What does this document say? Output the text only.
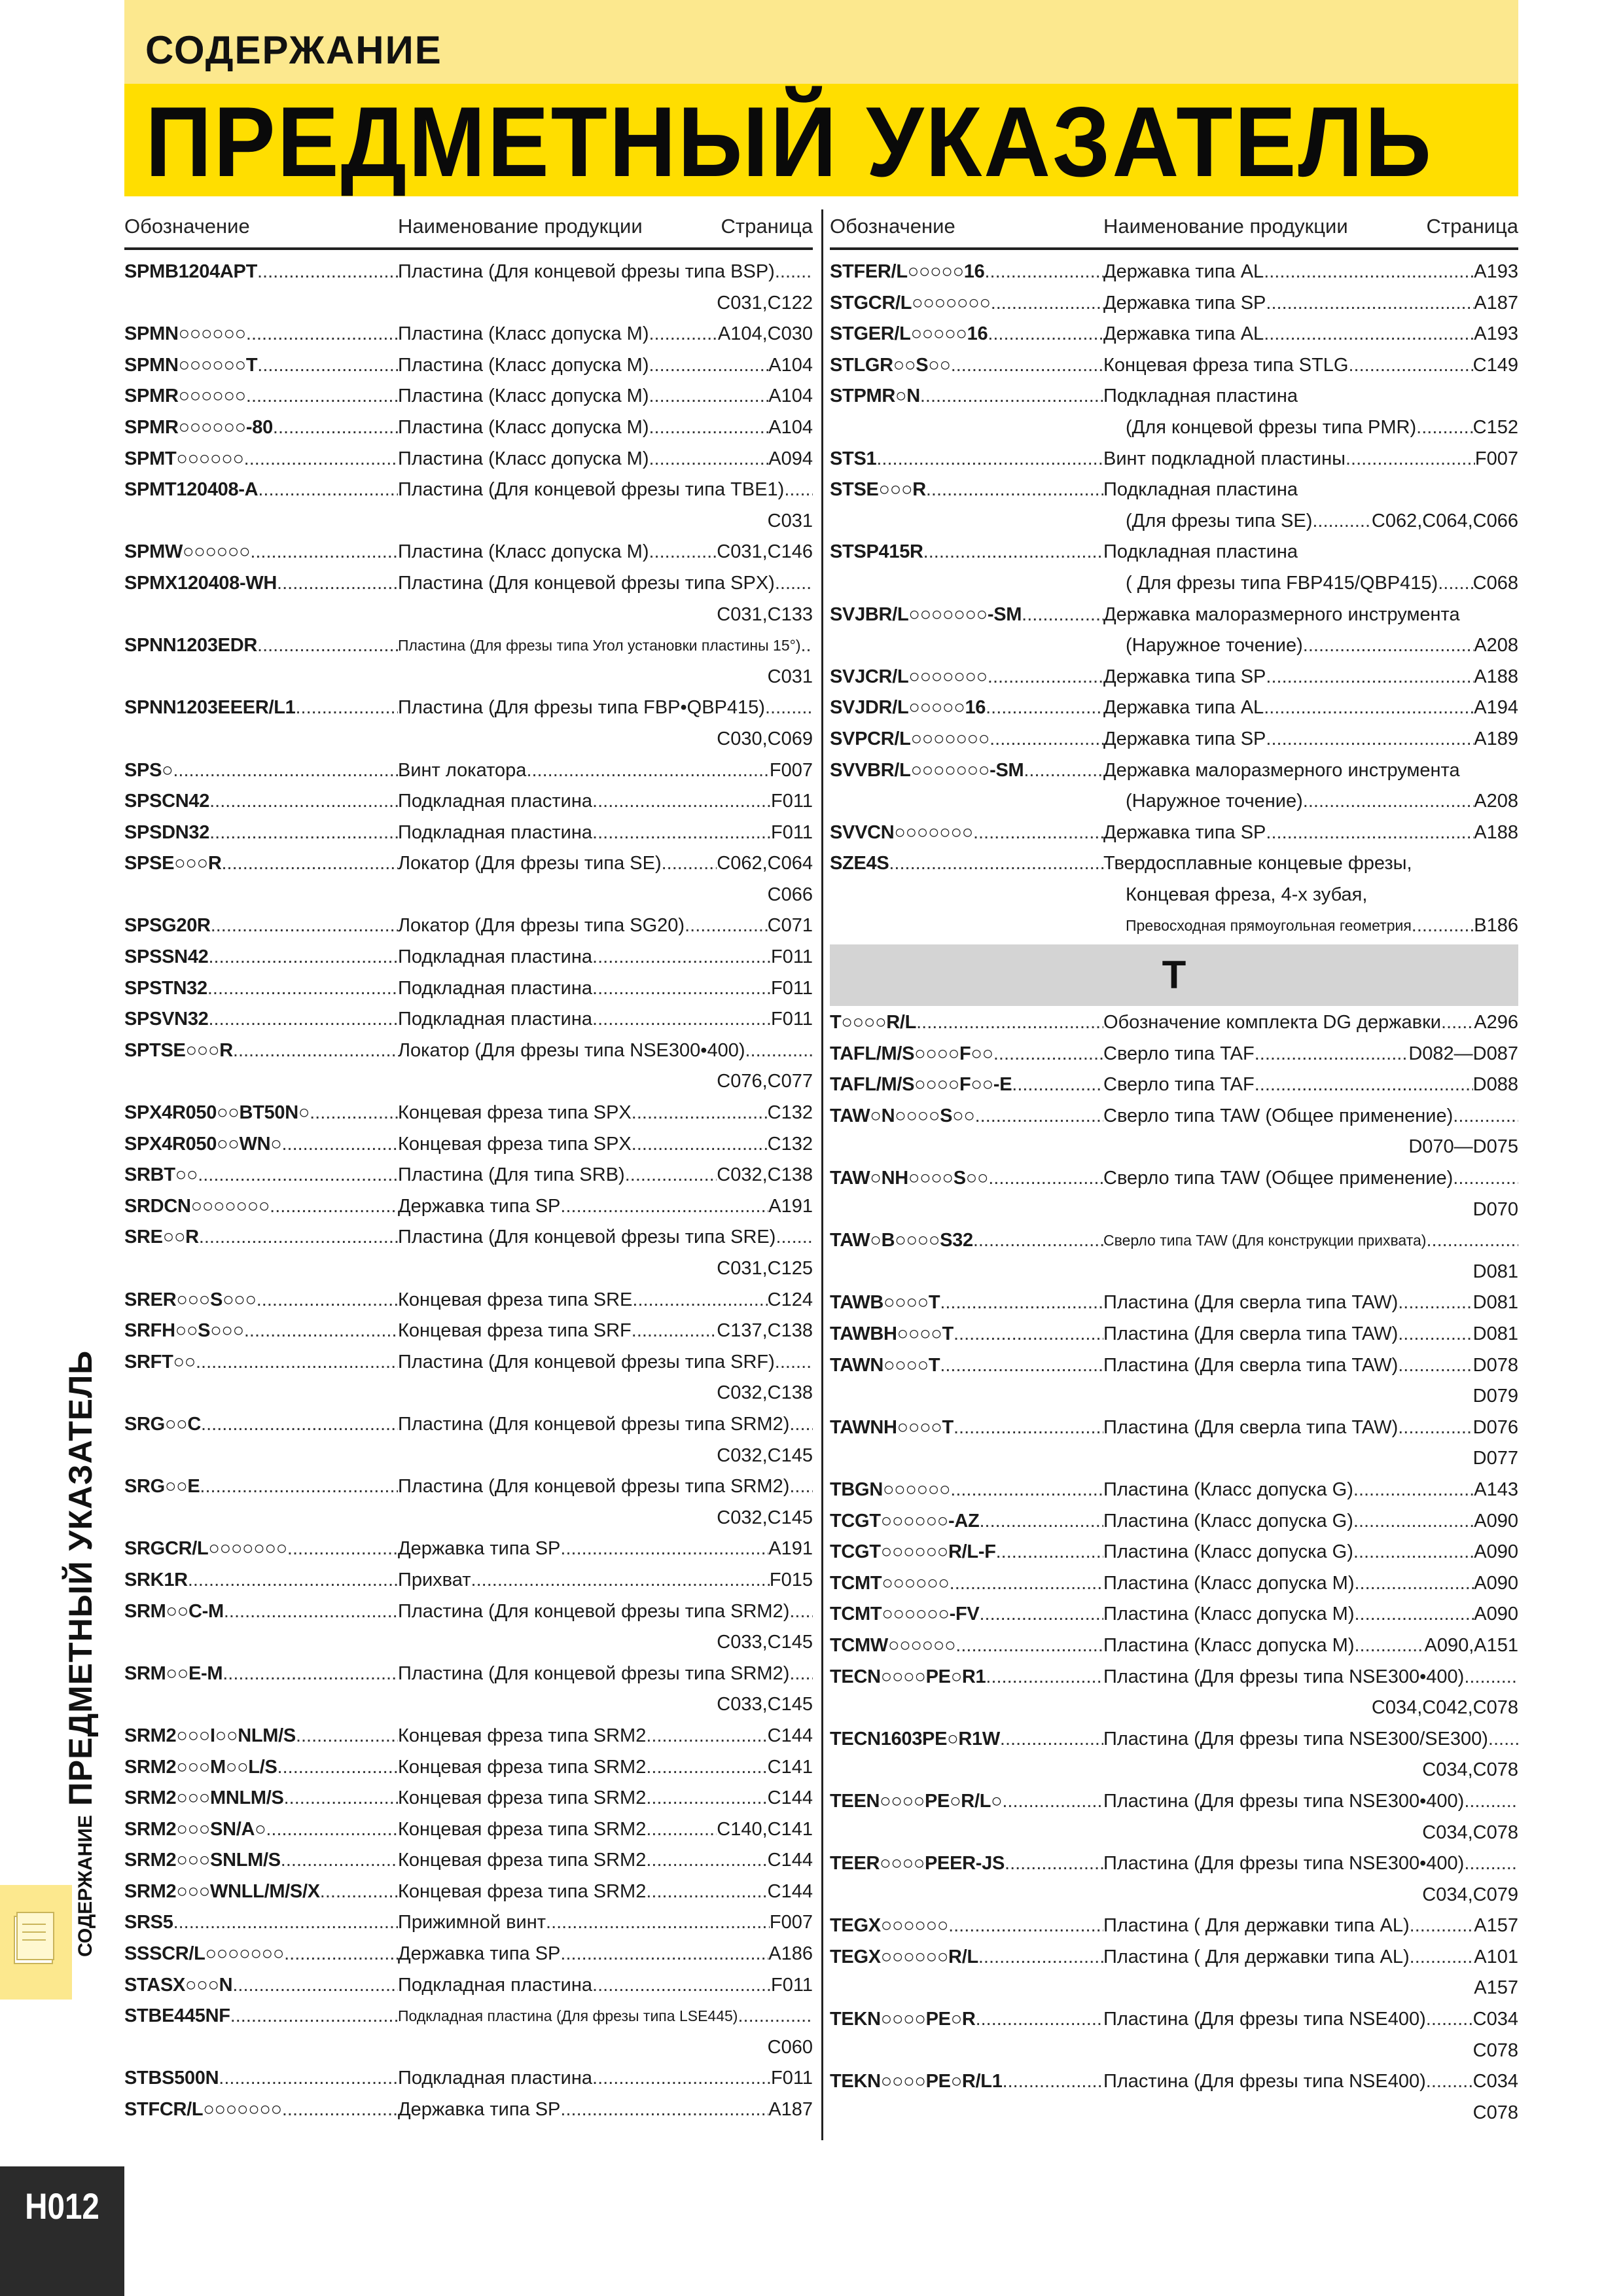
СОДЕРЖАНИЕ
ПРЕДМЕТНЫЙ УКАЗАТЕЛЬ
Обозначение	Наименование продукции	Страница
SPMB1204APT .....	Пластина (Для концевой фрезы типа BSP)
.....
C031,C122
SPMN○○○○○○ .....	Пластина (Класс допуска M) .....	A104,C030
SPMN○○○○○○T .....	Пластина (Класс допуска M) .....	A104
SPMR○○○○○○ .....	Пластина (Класс допуска M) .....	A104
SPMR○○○○○○-80 .....	Пластина (Класс допуска M) .....	A104
SPMT○○○○○○ .....	Пластина (Класс допуска M) .....	A094
SPMT120408-A .....	Пластина (Для концевой фрезы типа TBE1)
.....
C031
SPMW○○○○○○ .....	Пластина (Класс допуска M) .....	C031,C146
SPMX120408-WH .....	Пластина (Для концевой фрезы типа SPX)
.....
C031,C133
SPNN1203EDR .....	Пластина (Для фрезы типа Угол установки пластины 15°)
.....
C031
SPNN1203EEER/L1 .....	Пластина (Для фрезы типа FBP•QBP415)
.....
C030,C069
SPS○ .....	Винт локатора .....	F007
SPSCN42 .....	Подкладная пластина .....	F011
SPSDN32 .....	Подкладная пластина .....	F011
SPSE○○○R .....	Локатор (Для фрезы типа SE) .....	C062,C064
C066
SPSG20R .....	Локатор (Для фрезы типа SG20) .....	C071
SPSSN42 .....	Подкладная пластина .....	F011
SPSTN32 .....	Подкладная пластина .....	F011
SPSVN32 .....	Подкладная пластина .....	F011
SPTSE○○○R .....	Локатор (Для фрезы типа NSE300•400)
.....
C076,C077
SPX4R050○○BT50N○ .....	Концевая фреза типа SPX .....	C132
SPX4R050○○WN○ .....	Концевая фреза типа SPX .....	C132
SRBT○○ .....	Пластина (Для типа SRB) .....	C032,C138
SRDCN○○○○○○○ .....	Державка типа SP .....	A191
SRE○○R .....	Пластина (Для концевой фрезы типа SRE)
.....
C031,C125
SRER○○○S○○○ .....	Концевая фреза типа SRE .....	C124
SRFH○○S○○○ .....	Концевая фреза типа SRF .....	C137,C138
SRFT○○ .....	Пластина (Для концевой фрезы типа SRF)
.....
C032,C138
SRG○○C .....	Пластина (Для концевой фрезы типа SRM2)
.....
C032,C145
SRG○○E .....	Пластина (Для концевой фрезы типа SRM2)
.....
C032,C145
SRGCR/L○○○○○○○ .....	Державка типа SP .....	A191
SRK1R .....	Прихват .....	F015
SRM○○C-M .....	Пластина (Для концевой фрезы типа SRM2)
.....
C033,C145
SRM○○E-M .....	Пластина (Для концевой фрезы типа SRM2)
.....
C033,C145
SRM2○○○I○○NLM/S .....	Концевая фреза типа SRM2 .....	C144
SRM2○○○M○○L/S .....	Концевая фреза типа SRM2 .....	C141
SRM2○○○MNLM/S .....	Концевая фреза типа SRM2 .....	C144
SRM2○○○SN/A○ .....	Концевая фреза типа SRM2 .....	C140,C141
SRM2○○○SNLM/S .....	Концевая фреза типа SRM2 .....	C144
SRM2○○○WNLL/M/S/X .....	Концевая фреза типа SRM2 .....	C144
SRS5 .....	Прижимной винт .....	F007
SSSCR/L○○○○○○○ .....	Державка типа SP .....	A186
STASX○○○N .....	Подкладная пластина .....	F011
STBE445NF .....	Подкладная пластина (Для фрезы типа LSE445)
.....
C060
STBS500N .....	Подкладная пластина .....	F011
STFCR/L○○○○○○○ .....	Державка типа SP .....	A187
Обозначение	Наименование продукции	Страница
STFER/L○○○○○16 .....	Державка типа AL .....	A193
STGCR/L○○○○○○○ .....	Державка типа SP .....	A187
STGER/L○○○○○16 .....	Державка типа AL .....	A193
STLGR○○S○○ .....	Концевая фреза типа STLG .....	C149
STPMR○N .....	Подкладная пластина
(Для концевой фрезы типа PMR) .....	C152
STS1 .....	Винт подкладной пластины .....	F007
STSE○○○R .....	Подкладная пластина
(Для фрезы типа SE) .....	C062,C064,C066
STSP415R .....	Подкладная пластина
( Для фрезы типа FBP415/QBP415) ..... C068
SVJBR/L○○○○○○○-SM .....	Державка малоразмерного инструмента
(Наружное точение) .....	A208
SVJCR/L○○○○○○○ .....	Державка типа SP .....	A188
SVJDR/L○○○○○16 .....	Державка типа AL .....	A194
SVPCR/L○○○○○○○ .....	Державка типа SP .....	A189
SVVBR/L○○○○○○○-SM .....	Державка малоразмерного инструмента
(Наружное точение) .....	A208
SVVCN○○○○○○○ .....	Державка типа SP .....	A188
SZE4S .....	Твердосплавные концевые фрезы,
Концевая фреза, 4-х зубая,
Превосходная прямоугольная геометрия .....	B186
T
T○○○○R/L .....	Обозначение комплекта DG державки ..... A296
TAFL/M/S○○○○F○○ .....	Сверло типа TAF .....	D082—D087
TAFL/M/S○○○○F○○-E .....	Сверло типа TAF .....	D088
TAW○N○○○○S○○ .....	Сверло типа TAW (Общее применение)
.....
D070—D075
TAW○NH○○○○S○○ .....	Сверло типа TAW (Общее применение)
.....
D070
TAW○B○○○○S32 .....	Сверло типа TAW (Для конструкции прихвата)
.....
D081
TAWB○○○○T .....	Пластина (Для сверла типа TAW) .....	D081
TAWBH○○○○T .....	Пластина (Для сверла типа TAW) .....	D081
TAWN○○○○T .....	Пластина (Для сверла типа TAW) .....	D078
D079
TAWNH○○○○T .....	Пластина (Для сверла типа TAW) .....	D076
D077
TBGN○○○○○○ .....	Пластина (Класс допуска G) .....	A143
TCGT○○○○○○-AZ .....	Пластина (Класс допуска G) .....	A090
TCGT○○○○○○R/L-F .....	Пластина (Класс допуска G) .....	A090
TCMT○○○○○○ .....	Пластина (Класс допуска M) .....	A090
TCMT○○○○○○-FV .....	Пластина (Класс допуска M) .....	A090
TCMW○○○○○○ .....	Пластина (Класс допуска M) .....	A090,A151
TECN○○○○PE○R1 .....	Пластина (Для фрезы типа NSE300•400)
.....
C034,C042,C078
TECN1603PE○R1W .....	Пластина (Для фрезы типа NSE300/SE300)
.....
C034,C078
TEEN○○○○PE○R/L○ .....	Пластина (Для фрезы типа NSE300•400)
.....
C034,C078
TEER○○○○PEER-JS .....	Пластина (Для фрезы типа NSE300•400)
.....
C034,C079
TEGX○○○○○○ .....	Пластина ( Для державки типа AL) .....	A157
TEGX○○○○○○R/L .....	Пластина ( Для державки типа AL) .....	A101
A157
TEKN○○○○PE○R .....	Пластина (Для фрезы типа NSE400) ..... C034
C078
TEKN○○○○PE○R/L1 .....	Пластина (Для фрезы типа NSE400) ..... C034
C078
СОДЕРЖАНИЕ
ПРЕДМЕТНЫЙ УКАЗАТЕЛЬ
H012
